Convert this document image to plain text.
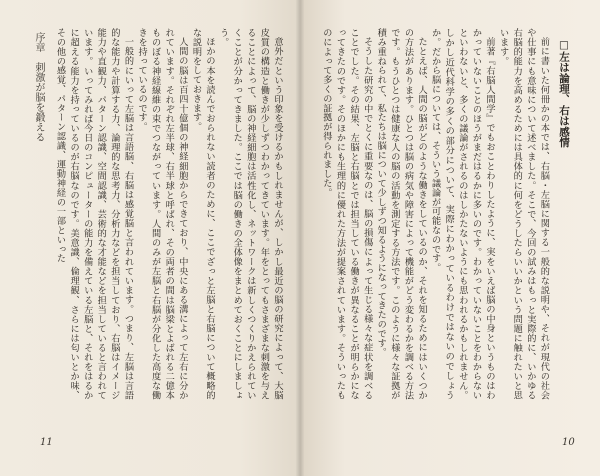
序章　刺激が脳を鍛える	意外だという印象を受けるかもしれませんが、しかし最近の脳の研究によって、大脳皮質の構造と働きが少しずつわかってきています。年をとってもさまざまな刺激を与えることによって、脳の神経細胞は活性化し、ネットワークは新しくつくりかえられていくことが分かってきました。ここでは脳の働きの全体像をまとめておくことにしましょう。

ほかの本を読んでおられない読者のために、ここでざっと左脳と右脳について概略的な説明をしておきます。

人間の脳は百四十億個の神経細胞からできており、中央にある溝によって左右に分かれています。それぞれ左半球、右半球と呼ばれ、その両者の間は脳梁とよばれる二億本ものぼる神経線維の束でつながっています。人間のみが左脳と右脳が分化した高度な働きを持っているのです。

一般的にいって左脳は言語脳、右脳は感覚脳と言われています。つまり、左脳は言語的な能力や計算する力、論理的な思考力、分析力などを担当しており、右脳はイメージ能力や直観力、パターン認識、空間認識、芸術的な才能などを担当していると言われています。いってみれば今日のコンピューターの能力を備えている左脳と、それをはるかに超える能力を持っているのが右脳なのです。美意識、倫理観、さらには匂いとか味、その他の感覚、パターン認識、運動神経の一部といった

11

□左は論理、右は感情

前に書いた何冊かの本では、右脳・左脳に関する一般的な説明や、それが現代の社会や仕事にも意味について述べました。そこで、今回の試みはもっと実際的に、いかゆる右脳的能力を高めるためには具体的に何をどうしたらいいかという問題に触れたいと思います。

前著『右脳人間学』でもおことわりしたように、実をいえば脳の中身というものはわかっていないことのほうがまだはるかに多いのです。わかっていないことをわからないといわないと、多くの議論がされるのはしかたないようにも思われるかもしれません。しかし近代科学の多くの部分について、実際にわかっているわけではないのでしょうか。だから脳については、そういう議論が可能なのです。

たとえば、人間の脳がどのような働きをしているのか、それを知るためにはいくつかの方法があります。ひとつは脳の病気や障害によって機能がどう変わるかを調べる方法です。もうひとつは健康な人の脳の活動を測定する方法です。このように様々な証拠が積み重ねられて、私たちは脳について少しずつ知るようになってきたのです。

そうした研究の中でとくに重要なのは、脳の損傷によって生じる様々な症状を調べることでした。その結果、左脳と右脳とでは担当している働きが異なることが明らかになってきたのです。そのほかにも生理的に優れた方法が提案されています。そういったものによって多くの証拠が得られました。

10
